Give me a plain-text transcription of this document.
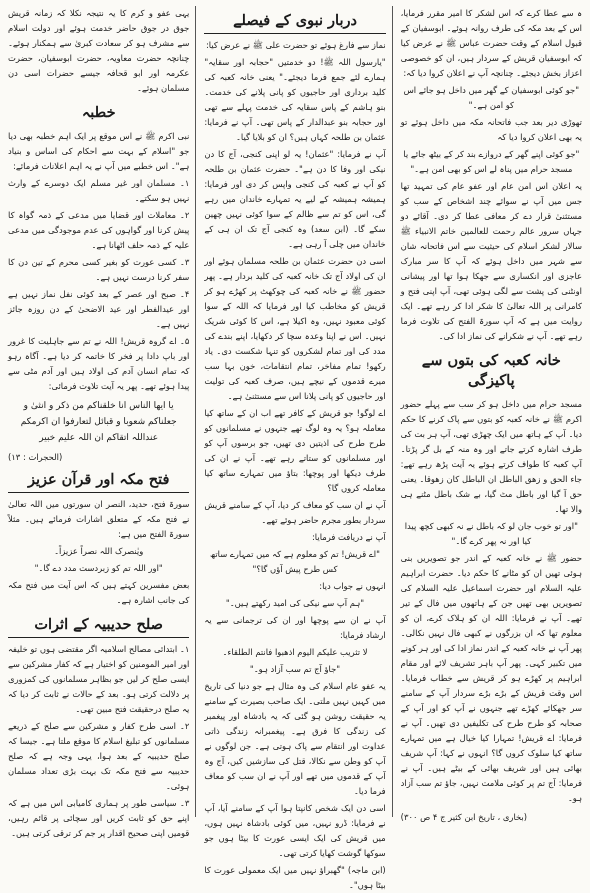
ہ سے عطا کرے کہ اس لشکر کا امیر مقرر فرمایا، اس کے بعد مکہ کی طرف روانہ ہوئے۔ ابوسفیان کے قبول اسلام کے وقت حضرت عباس ﷺ نے عرض کیا کہ ابوسفیان قریش کے سردار ہیں، ان کو خصوصی اعزاز بخش دیجئے۔ چنانچہ آپ نے اعلان کروا دیا کہ:

"جو کوئی ابوسفیان کے گھر میں داخل ہو جائے اس کو امن ہے۔"

تھوڑی دیر بعد جب فاتحانہ مکہ میں داخل ہوئے تو یہ بھی اعلان کروا دیا کہ

"جو کوئی اپنے گھر کے دروازے بند کر کے بیٹھ جائے یا مسجد حرام میں پناہ لے اس کو بھی امن ہے۔"

یہ اعلان اس امن عام اور عفو عام کی تمہید تھا جس میں آپ نے سوائے چند اشخاص کے سب کو مستثنیٰ قرار دے کر معافی عطا کر دی۔ آقائے دو جہاں سرور عالم رحمت للعالمین خاتم الانبیاء ﷺ سالار لشکر اسلام کی حیثیت سے اس فاتحانہ شان سے شہر میں داخل ہوئے کہ آپ کا سر مبارک عاجزی اور انکساری سے جھکا ہوا تھا اور پیشانی اونٹنی کی پشت سے لگی ہوئی تھی، آپ اپنی فتح و کامرانی پر اللہ تعالیٰ کا شکر ادا کر رہے تھے۔ ایک روایت میں ہے کہ آپ سورۃ الفتح کی تلاوت فرما رہے تھے۔ آپ نے شکرانے کی نماز ادا کی۔

خانہ کعبہ کی بتوں سے پاکیزگی

مسجد حرام میں داخل ہو کر سب سے پہلے حضور اکرم ﷺ نے خانہ کعبہ کو بتوں سے پاک کرنے کا حکم دیا۔ آپ کے ہاتھ میں ایک چھڑی تھی، آپ ہر بت کی طرف اشارہ کرتے جاتے اور وہ منہ کے بل گر پڑتا۔ آپ کعبہ کا طواف کرتے ہوئے یہ آیت پڑھ رہے تھے: جاء الحق و زھق الباطل ان الباطل کان زھوقا۔ یعنی حق آ گیا اور باطل مٹ گیا، بے شک باطل مٹنے ہی والا تھا۔

"اور تو خوب جان لو کہ باطل نے نہ کبھی کچھ پیدا کیا اور نہ پھر کرے گا۔"

حضور ﷺ نے خانہ کعبہ کے اندر جو تصویریں بنی ہوئی تھیں ان کو مٹانے کا حکم دیا۔ حضرت ابراہیم علیہ السلام اور حضرت اسماعیل علیہ السلام کی تصویریں بھی تھیں جن کے ہاتھوں میں فال کے تیر تھے۔ آپ نے فرمایا: اللہ ان کو ہلاک کرے، ان کو معلوم تھا کہ ان بزرگوں نے کبھی فال نہیں نکالی۔ پھر آپ نے خانہ کعبہ کے اندر نماز ادا کی اور ہر کونے میں تکبیر کہی۔ پھر آپ باہر تشریف لائے اور مقام ابراہیم پر کھڑے ہو کر قریش سے خطاب فرمایا۔ اس وقت قریش کے بڑے بڑے سردار آپ کے سامنے سر جھکائے کھڑے تھے جنہوں نے آپ کو اور آپ کے صحابہ کو طرح طرح کی تکلیفیں دی تھیں۔ آپ نے فرمایا: اے قریش! تمہارا کیا خیال ہے میں تمہارے ساتھ کیا سلوک کروں گا؟ انہوں نے کہا: آپ شریف بھائی ہیں اور شریف بھائی کے بیٹے ہیں۔ آپ نے فرمایا: آج تم پر کوئی ملامت نہیں، جاؤ تم سب آزاد ہو۔

(بخاری ، تاریخ ابن کثیر ج ۴ ص ۳۰۰)
دربار نبوی کے فیصلے

نماز سے فارغ ہوئے تو حضرت علی ﷺ نے عرض کیا:

"یارسول اللہ ﷺ! دو خدمتیں "حجابہ اور سقایہ" ہمارے لئے جمع فرما دیجئے۔" یعنی خانہ کعبہ کی کلید برداری اور حاجیوں کو پانی پلانے کی خدمت۔ بنو ہاشم کے پاس سقایہ کی خدمت پہلے سے تھی اور حجابہ بنو عبدالدار کے پاس تھی۔ آپ نے فرمایا: عثمان بن طلحہ کہاں ہیں؟ ان کو بلایا گیا۔

آپ نے فرمایا: "عثمان! یہ لو اپنی کنجی، آج کا دن نیکی اور وفا کا دن ہے"۔ حضرت عثمان بن طلحہ کو آپ نے کعبہ کی کنجی واپس کر دی اور فرمایا: ہمیشہ ہمیشہ کے لیے یہ تمہارے خاندان میں رہے گی، اس کو تم سے ظالم کے سوا کوئی نہیں چھین سکے گا۔ (ابن سعد) وہ کنجی آج تک ان ہی کے خاندان میں چلی آ رہی ہے۔

اسی دن حضرت عثمان بن طلحہ مسلمان ہوئے اور ان کی اولاد آج تک خانہ کعبہ کی کلید بردار ہے۔ پھر حضور ﷺ نے خانہ کعبہ کی چوکھٹ پر کھڑے ہو کر قریش کو مخاطب کیا اور فرمایا کہ اللہ کے سوا کوئی معبود نہیں، وہ اکیلا ہے، اس کا کوئی شریک نہیں۔ اس نے اپنا وعدہ سچا کر دکھایا، اپنے بندے کی مدد کی اور تمام لشکروں کو تنہا شکست دی۔ یاد رکھو! تمام مفاخر، تمام انتقامات، خون بہا سب میرے قدموں کے نیچے ہیں، صرف کعبہ کی تولیت اور حاجیوں کو پانی پلانا اس سے مستثنیٰ ہے۔

اے لوگو! جو قریش کے کافر تھے اب ان کے ساتھ کیا معاملہ ہو؟ یہ وہ لوگ تھے جنہوں نے مسلمانوں کو طرح طرح کی اذیتیں دی تھیں، جو برسوں آپ کو اور مسلمانوں کو ستاتے رہے تھے۔ آپ نے ان کی طرف دیکھا اور پوچھا: بتاؤ میں تمہارے ساتھ کیا معاملہ کروں گا؟

آپ نے ان سب کو معاف کر دیا، آپ کے سامنے قریش سردار بطور مجرم حاضر ہوئے تھے۔

آپ نے دریافت فرمایا:

"اے قریش! تم کو معلوم ہے کہ میں تمہارے ساتھ کس طرح پیش آؤں گا؟"

انہوں نے جواب دیا:

"ہم آپ سے نیکی کی امید رکھتے ہیں۔"

آپ نے ان سے پوچھا اور ان کی ترجمانی سے یہ ارشاد فرمایا:

لا تثریب علیکم الیوم اذھبوا فانتم الطلقاء۔

"جاؤ آج تم سب آزاد ہو۔"

یہ عفو عام اسلام کی وہ مثال ہے جو دنیا کی تاریخ میں کہیں نہیں ملتی۔ ایک صاحب بصیرت کے سامنے یہ حقیقت روشن ہو گئی کہ یہ بادشاہ اور پیغمبر کی زندگی کا فرق ہے۔ پیغمبرانہ زندگی ذاتی عداوت اور انتقام سے پاک ہوتی ہے۔ جن لوگوں نے آپ کو وطن سے نکالا، قتل کی سازشیں کیں، آج وہ آپ کے قدموں میں تھے اور آپ نے ان سب کو معاف فرما دیا۔

اسی دن ایک شخص کانپتا ہوا آپ کے سامنے آیا، آپ نے فرمایا: ڈرو نہیں، میں کوئی بادشاہ نہیں ہوں، میں قریش کی ایک ایسی عورت کا بیٹا ہوں جو سوکھا گوشت کھایا کرتی تھی۔

(ابن ماجہ) "گھبراؤ نہیں میں ایک معمولی عورت کا بیٹا ہوں"۔

یہی عفو و کرم کا یہ نتیجہ نکلا کہ زمانہ قریش جوق در جوق حاضر خدمت ہوئے اور دولت اسلام سے مشرف ہو کر سعادت کبریٰ سے ہمکنار ہوئے۔ چنانچہ حضرت معاویہ، حضرت ابوسفیان، حضرت عکرمہ اور ابو قحافہ جیسے حضرات اسی دن مسلمان ہوئے۔

خطبہ

نبی اکرم ﷺ نے اس موقع پر ایک اہم خطبہ بھی دیا جو "اسلام کے بہت سے احکام کی اساس و بنیاد ہے"۔ اس خطبے میں آپ نے یہ اہم اعلانات فرمائے:

۱۔ مسلمان اور غیر مسلم ایک دوسرے کے وارث نہیں ہو سکتے۔

۲۔ معاملات اور قضایا میں مدعی کے ذمہ گواہ کا پیش کرنا اور گواہوں کی عدم موجودگی میں مدعی علیہ کے ذمہ حلف اٹھانا ہے۔

۳۔ کسی عورت کو بغیر کسی محرم کے تین دن کا سفر کرنا درست نہیں ہے۔

۴۔ صبح اور عصر کے بعد کوئی نفل نماز نہیں ہے اور عیدالفطر اور عید الاضحیٰ کے دن روزہ جائز نہیں ہے۔

۵۔ اے گروہ قریش! اللہ نے تم سے جاہلیت کا غرور اور باپ دادا پر فخر کا خاتمہ کر دیا ہے۔ آگاہ رہو کہ تمام انسان آدم کی اولاد ہیں اور آدم مٹی سے پیدا ہوئے تھے۔ پھر یہ آیت تلاوت فرمائی:

یا ایھا الناس انا خلقناکم من ذکر و انثیٰ و جعلناکم شعوبا و قبائل لتعارفوا ان اکرمکم عنداللہ اتقاکم ان اللہ علیم خبیر
(الحجرات : ۱۳)
فتح مکہ اور قرآن عزیز

سورۃ فتح، حدید، النصر ان سورتوں میں اللہ تعالیٰ نے فتح مکہ کے متعلق اشارات فرمائے ہیں۔ مثلاً سورۃ الفتح میں ہے:

ویٰنصرک اللہ نصراً عزیزاً۔

"اور اللہ تم کو زبردست مدد دے گا۔"

بعض مفسرین کہتے ہیں کہ اس آیت میں فتح مکہ کی جانب اشارہ ہے۔

صلح حدیبیہ کے اثرات

۱۔ ابتدائی مصالح اسلامیہ اگر مقتضی ہوں تو خلیفہ اور امیر المومنین کو اختیار ہے کہ کفار مشرکین سے ایسی صلح کر لیں جو بظاہر مسلمانوں کی کمزوری پر دلالت کرتی ہو۔ بعد کے حالات نے ثابت کر دیا کہ یہ صلح درحقیقت فتح مبین تھی۔

۲۔ اسی طرح کفار و مشرکین سے صلح کے ذریعے مسلمانوں کو تبلیغ اسلام کا موقع ملتا ہے۔ جیسا کہ صلح حدیبیہ کے بعد ہوا، یہی وجہ ہے کہ صلح حدیبیہ سے فتح مکہ تک بہت بڑی تعداد مسلمان ہوئی۔

۳۔ سیاسی طور پر ہماری کامیابی اس میں ہے کہ اپنے حق کو ثابت کریں اور سچائی پر قائم رہیں، قومیں اپنی صحیح اقدار پر جم کر ترقی کرتی ہیں۔
